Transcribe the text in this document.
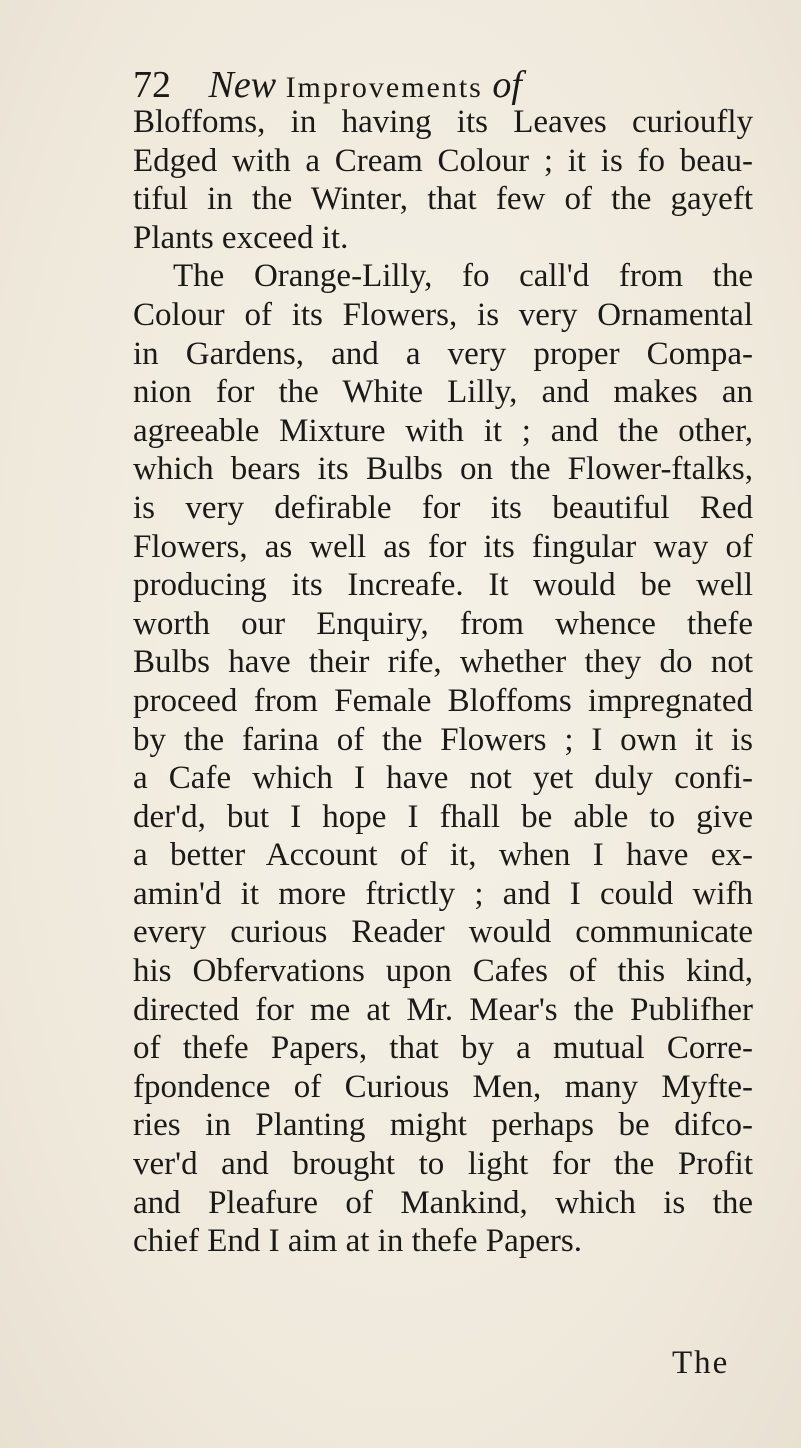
72 New Improvements of
Bloffoms, in having its Leaves curioufly
Edged with a Cream Colour ; it is fo beau-
tiful in the Winter, that few of the gayeft
Plants exceed it.
The Orange-Lilly, fo call'd from the
Colour of its Flowers, is very Ornamental
in Gardens, and a very proper Compa-
nion for the White Lilly, and makes an
agreeable Mixture with it ; and the other,
which bears its Bulbs on the Flower-ftalks,
is very defirable for its beautiful Red
Flowers, as well as for its fingular way of
producing its Increafe. It would be well
worth our Enquiry, from whence thefe
Bulbs have their rife, whether they do not
proceed from Female Bloffoms impregnated
by the farina of the Flowers ; I own it is
a Cafe which I have not yet duly confi-
der'd, but I hope I fhall be able to give
a better Account of it, when I have ex-
amin'd it more ftrictly ; and I could wifh
every curious Reader would communicate
his Obfervations upon Cafes of this kind,
directed for me at Mr. Mear's the Publifher
of thefe Papers, that by a mutual Corre-
fpondence of Curious Men, many Myfte-
ries in Planting might perhaps be difco-
ver'd and brought to light for the Profit
and Pleafure of Mankind, which is the
chief End I aim at in thefe Papers.
The
